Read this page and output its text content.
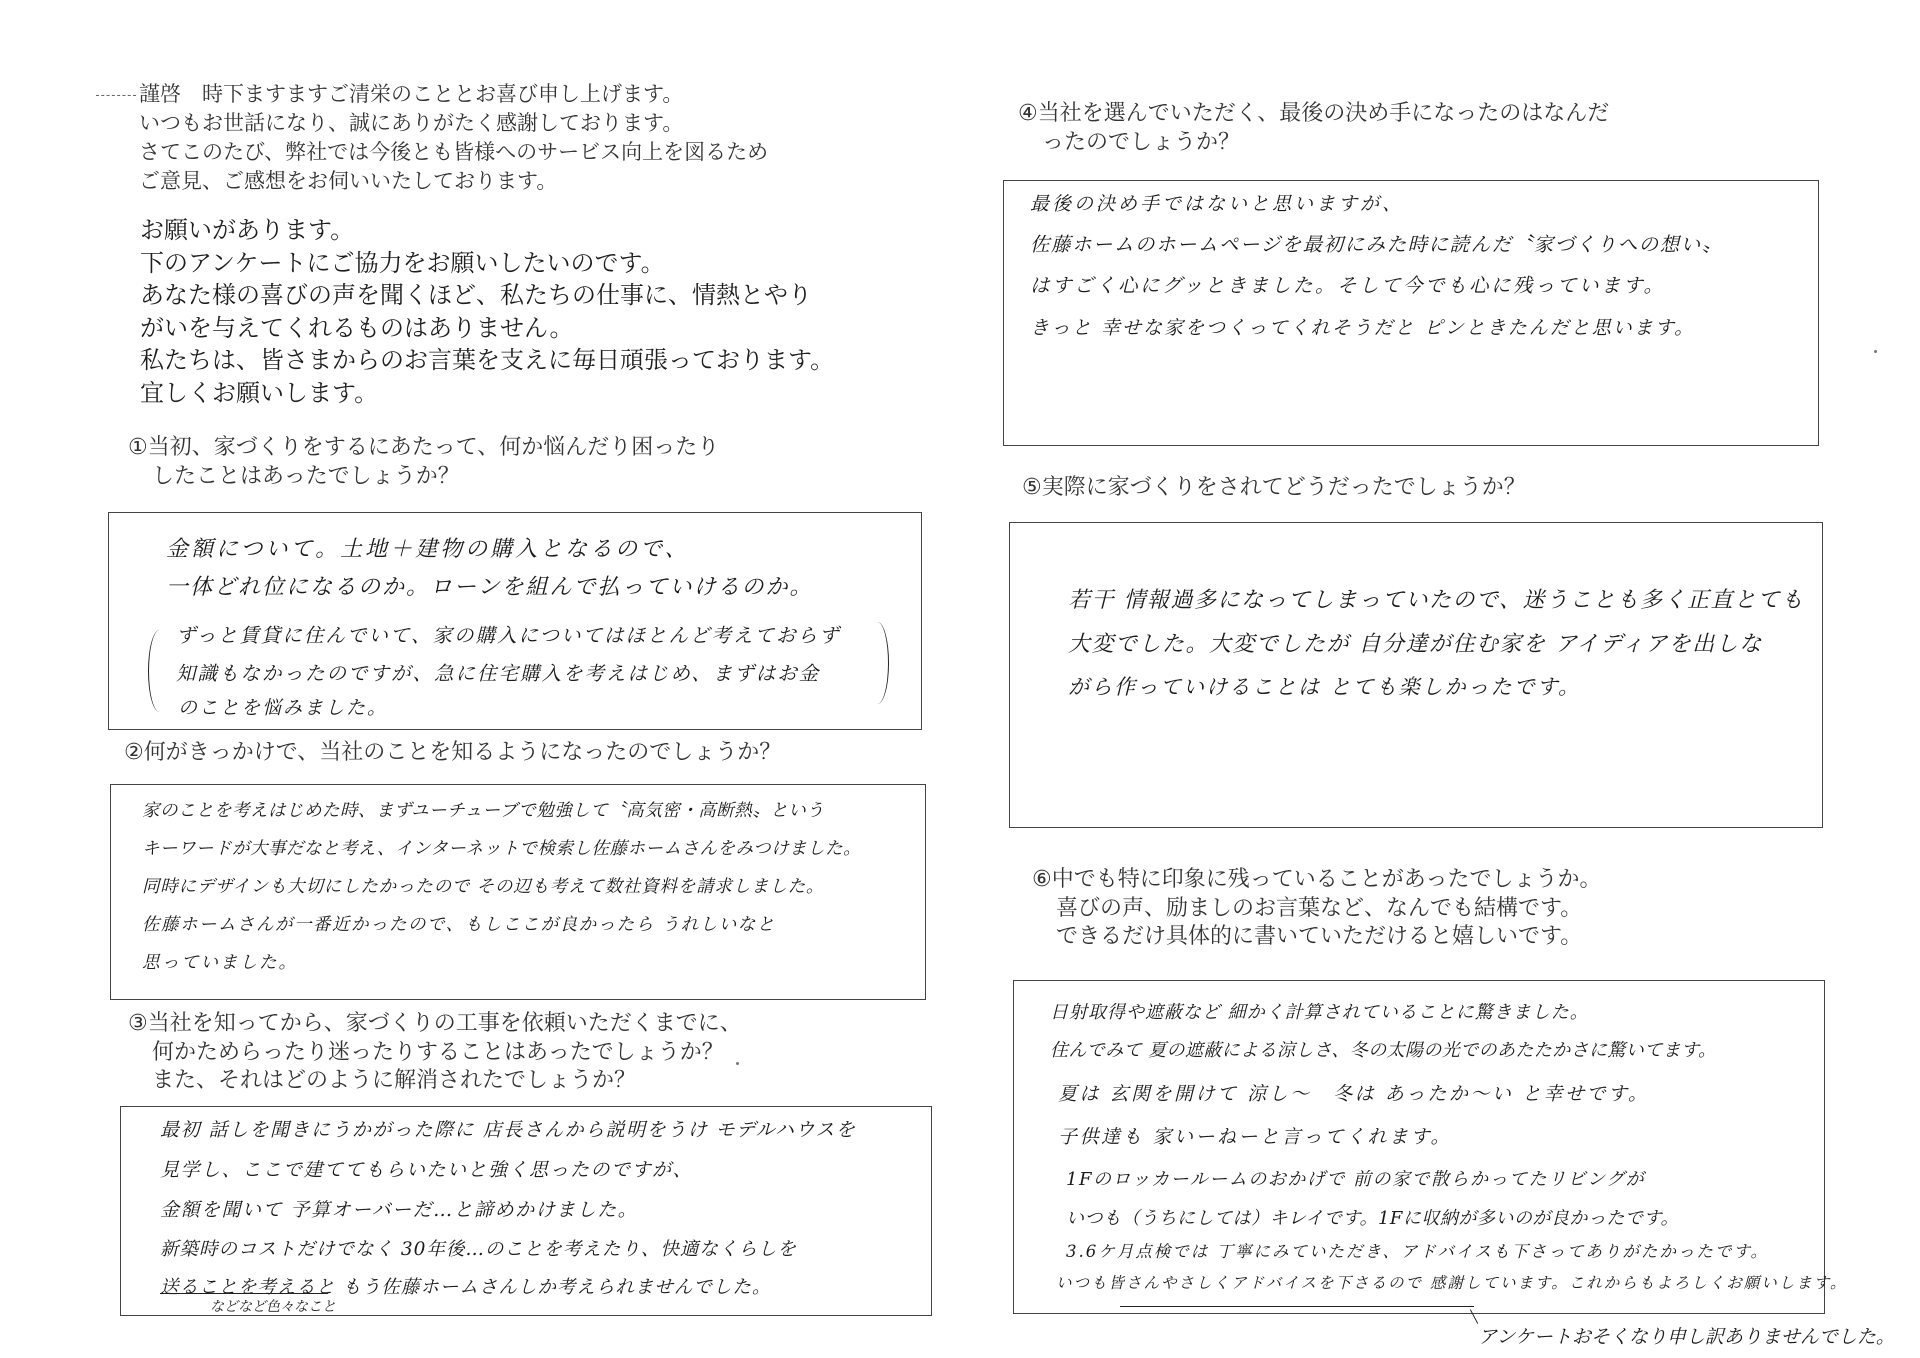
謹啓　時下ますますご清栄のこととお喜び申し上げます。
いつもお世話になり、誠にありがたく感謝しております。
さてこのたび、弊社では今後とも皆様へのサービス向上を図るため
ご意見、ご感想をお伺いいたしております。
お願いがあります。
下のアンケートにご協力をお願いしたいのです。
あなた様の喜びの声を聞くほど、私たちの仕事に、情熱とやり
がいを与えてくれるものはありません。
私たちは、皆さまからのお言葉を支えに毎日頑張っております。
宜しくお願いします。
①当初、家づくりをするにあたって、何か悩んだり困ったり
したことはあったでしょうか？
金額について。土地＋建物の購入となるので、
一体どれ位になるのか。ローンを組んで払っていけるのか。
ずっと賃貸に住んでいて、家の購入についてはほとんど考えておらず
知識もなかったのですが、急に住宅購入を考えはじめ、まずはお金
のことを悩みました。
②何がきっかけで、当社のことを知るようになったのでしょうか？
家のことを考えはじめた時、まずユーチューブで勉強して〝高気密・高断熱〟という
キーワードが大事だなと考え、インターネットで検索し佐藤ホームさんをみつけました。
同時にデザインも大切にしたかったので その辺も考えて数社資料を請求しました。
佐藤ホームさんが一番近かったので、もしここが良かったら うれしいなと
思っていました。
③当社を知ってから、家づくりの工事を依頼いただくまでに、
何かためらったり迷ったりすることはあったでしょうか？
また、それはどのように解消されたでしょうか？
最初 話しを聞きにうかがった際に 店長さんから説明をうけ モデルハウスを
見学し、ここで建ててもらいたいと強く思ったのですが、
金額を聞いて 予算オーバーだ…と諦めかけました。
新築時のコストだけでなく 30年後…のことを考えたり、快適なくらしを
送ることを考えると もう佐藤ホームさんしか考えられませんでした。
などなど色々なこと
④当社を選んでいただく、最後の決め手になったのはなんだ
ったのでしょうか？
最後の決め手ではないと思いますが、
佐藤ホームのホームページを最初にみた時に読んだ〝家づくりへの想い〟
はすごく心にグッときました。そして今でも心に残っています。
きっと 幸せな家をつくってくれそうだと ピンときたんだと思います。
⑤実際に家づくりをされてどうだったでしょうか？
若干 情報過多になってしまっていたので、迷うことも多く正直とても
大変でした。大変でしたが 自分達が住む家を アイディアを出しな
がら作っていけることは とても楽しかったです。
⑥中でも特に印象に残っていることがあったでしょうか。
喜びの声、励ましのお言葉など、なんでも結構です。
できるだけ具体的に書いていただけると嬉しいです。
日射取得や遮蔽など 細かく計算されていることに驚きました。
住んでみて 夏の遮蔽による涼しさ、冬の太陽の光でのあたたかさに驚いてます。
夏は 玄関を開けて 涼し〜　冬は あったか〜い と幸せです。
子供達も 家いーねーと言ってくれます。
1Fのロッカールームのおかげで 前の家で散らかってたリビングが
いつも（うちにしては）キレイです。1Fに収納が多いのが良かったです。
3.6ケ月点検では 丁寧にみていただき、アドバイスも下さってありがたかったです。
いつも皆さんやさしくアドバイスを下さるので 感謝しています。これからもよろしくお願いします。
アンケートおそくなり申し訳ありませんでした。
